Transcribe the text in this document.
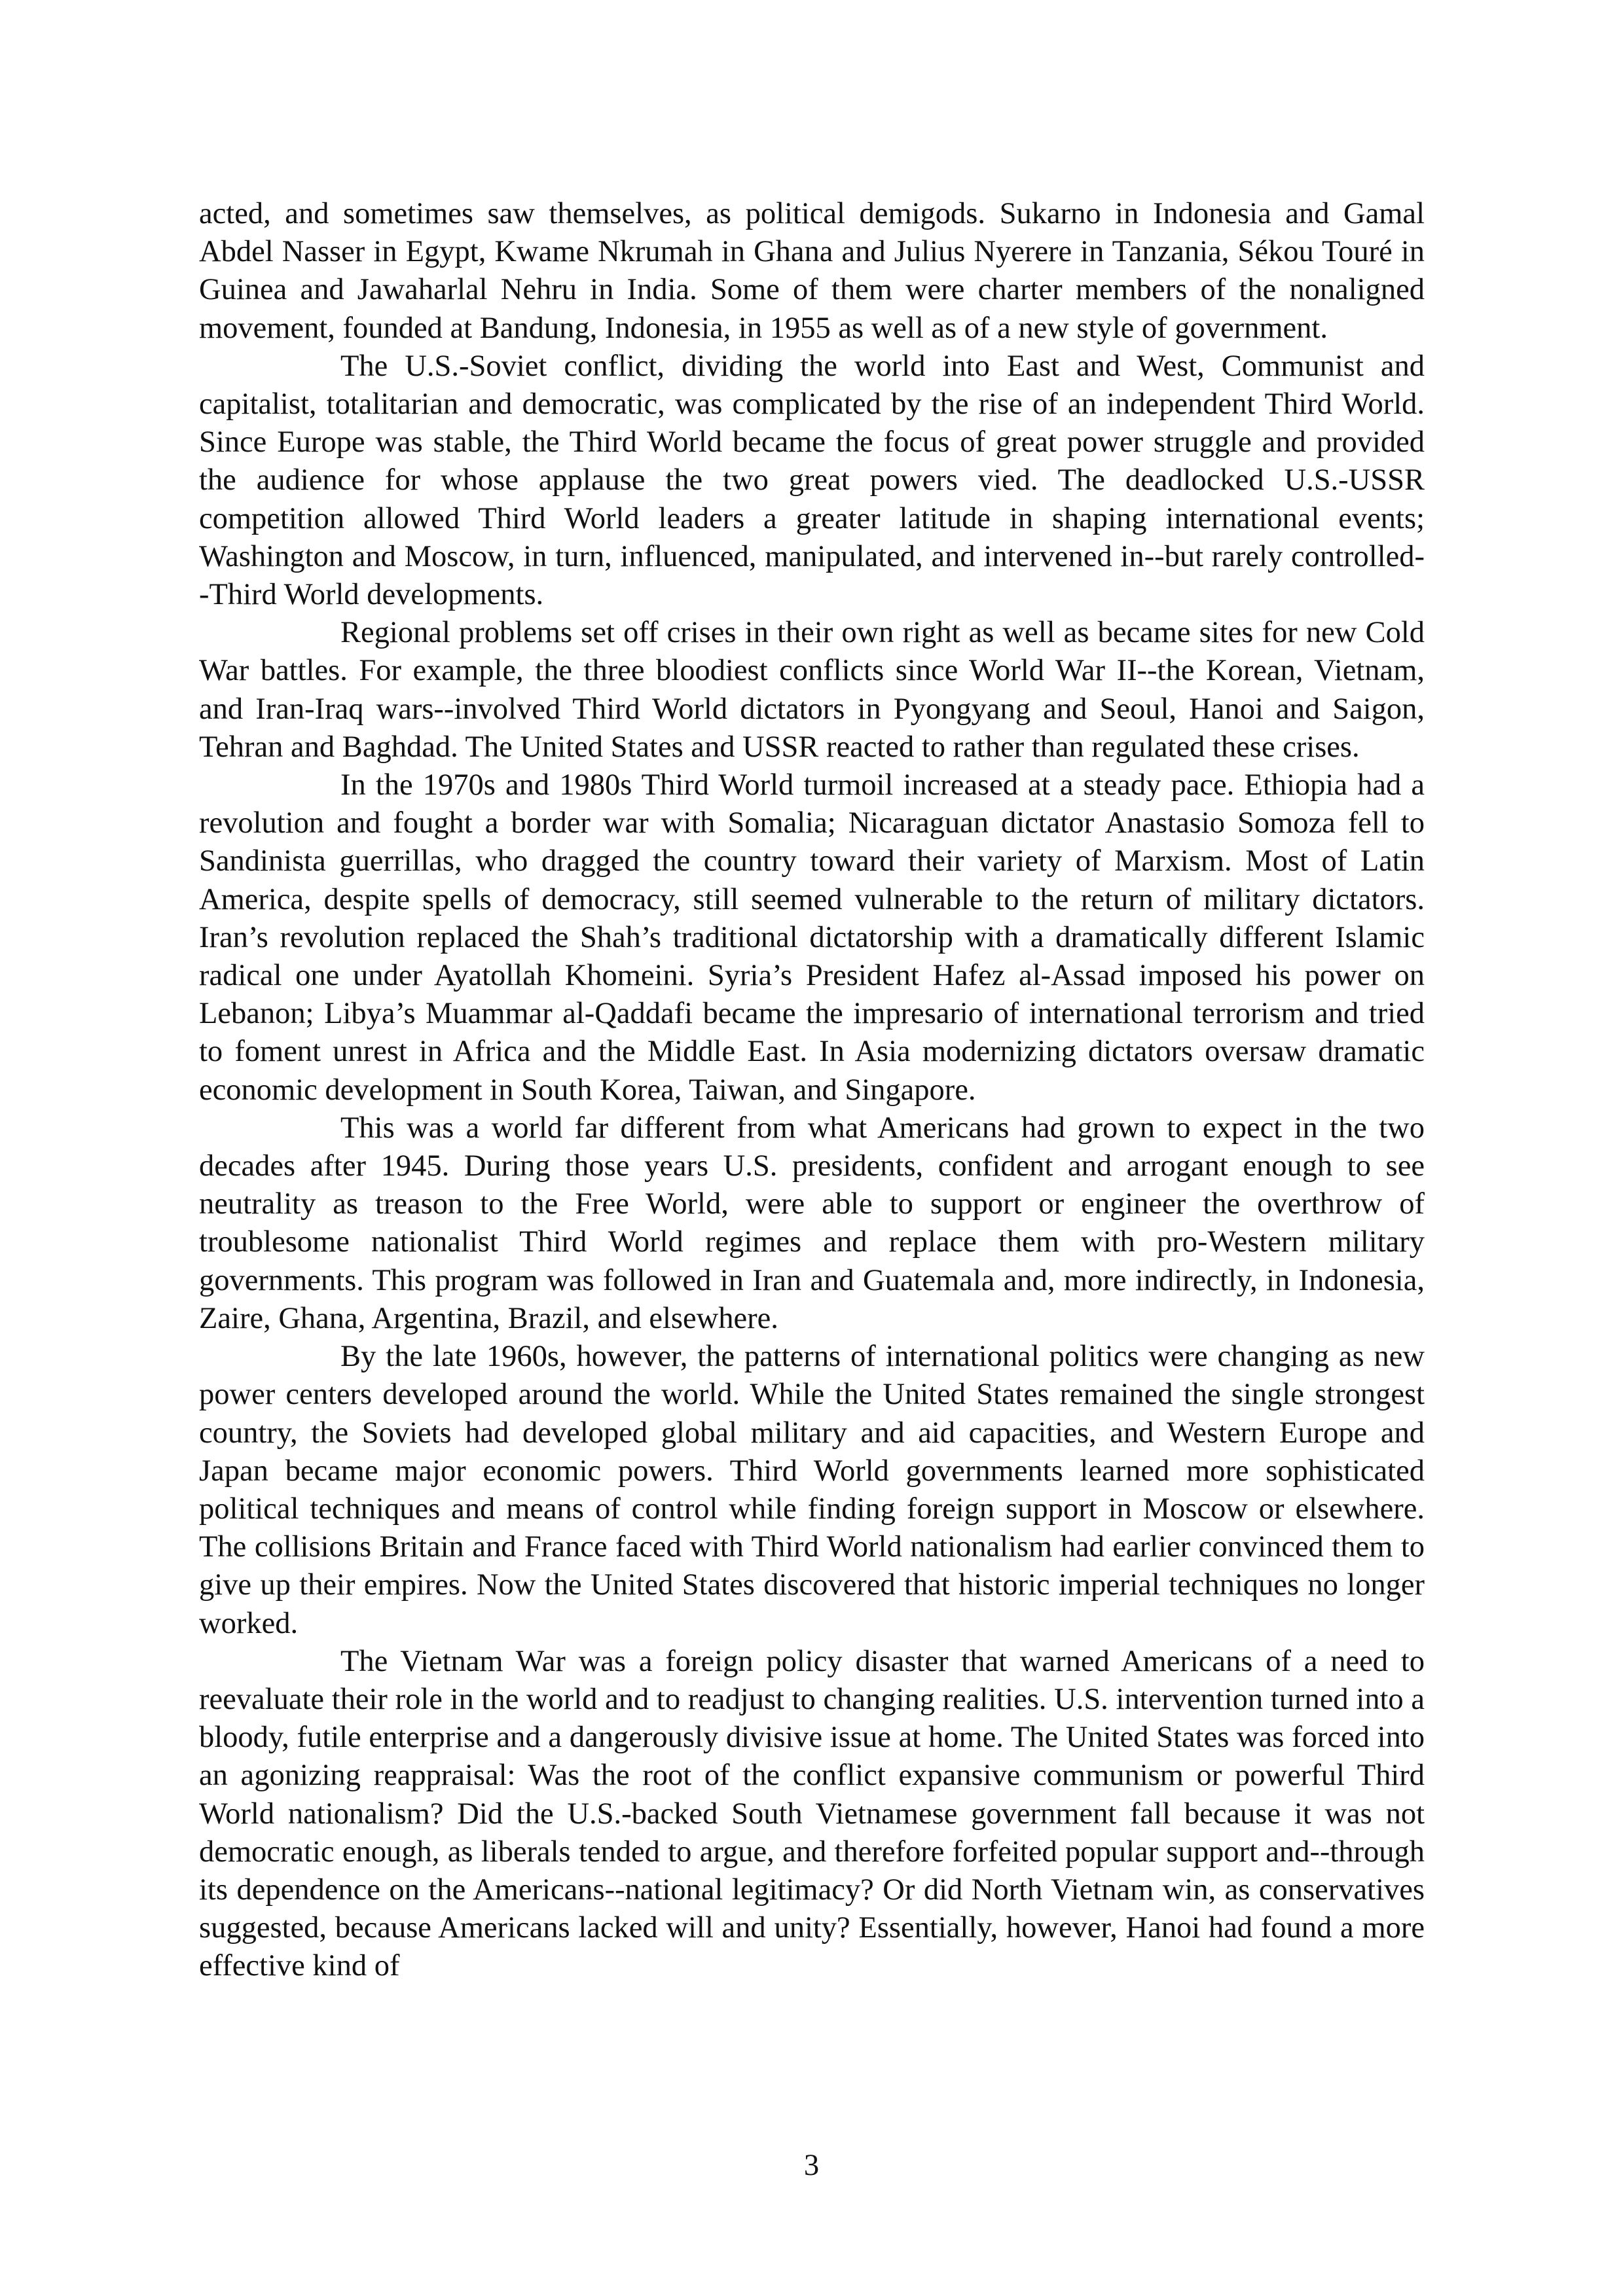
acted, and sometimes saw themselves, as political demigods. Sukarno in Indonesia and Gamal Abdel Nasser in Egypt, Kwame Nkrumah in Ghana and Julius Nyerere in Tanzania, Sékou Touré in Guinea and Jawaharlal Nehru in India. Some of them were charter members of the nonaligned movement, founded at Bandung, Indonesia, in 1955 as well as of a new style of government.

The U.S.-Soviet conflict, dividing the world into East and West, Communist and capitalist, totalitarian and democratic, was complicated by the rise of an independent Third World. Since Europe was stable, the Third World became the focus of great power struggle and provided the audience for whose applause the two great powers vied. The deadlocked U.S.-USSR competition allowed Third World leaders a greater latitude in shaping international events; Washington and Moscow, in turn, influenced, manipulated, and intervened in--but rarely controlled--Third World developments.

Regional problems set off crises in their own right as well as became sites for new Cold War battles. For example, the three bloodiest conflicts since World War II--the Korean, Vietnam, and Iran-Iraq wars--involved Third World dictators in Pyongyang and Seoul, Hanoi and Saigon, Tehran and Baghdad. The United States and USSR reacted to rather than regulated these crises.

In the 1970s and 1980s Third World turmoil increased at a steady pace. Ethiopia had a revolution and fought a border war with Somalia; Nicaraguan dictator Anastasio Somoza fell to Sandinista guerrillas, who dragged the country toward their variety of Marxism. Most of Latin America, despite spells of democracy, still seemed vulnerable to the return of military dictators. Iran’s revolution replaced the Shah’s traditional dictatorship with a dramatically different Islamic radical one under Ayatollah Khomeini. Syria’s President Hafez al-Assad imposed his power on Lebanon; Libya’s Muammar al-Qaddafi became the impresario of international terrorism and tried to foment unrest in Africa and the Middle East. In Asia modernizing dictators oversaw dramatic economic development in South Korea, Taiwan, and Singapore.

This was a world far different from what Americans had grown to expect in the two decades after 1945. During those years U.S. presidents, confident and arrogant enough to see neutrality as treason to the Free World, were able to support or engineer the overthrow of troublesome nationalist Third World regimes and replace them with pro-Western military governments. This program was followed in Iran and Guatemala and, more indirectly, in Indonesia, Zaire, Ghana, Argentina, Brazil, and elsewhere.

By the late 1960s, however, the patterns of international politics were changing as new power centers developed around the world. While the United States remained the single strongest country, the Soviets had developed global military and aid capacities, and Western Europe and Japan became major economic powers. Third World governments learned more sophisticated political techniques and means of control while finding foreign support in Moscow or elsewhere. The collisions Britain and France faced with Third World nationalism had earlier convinced them to give up their empires. Now the United States discovered that historic imperial techniques no longer worked.

The Vietnam War was a foreign policy disaster that warned Americans of a need to reevaluate their role in the world and to readjust to changing realities. U.S. intervention turned into a bloody, futile enterprise and a dangerously divisive issue at home. The United States was forced into an agonizing reappraisal: Was the root of the conflict expansive communism or powerful Third World nationalism? Did the U.S.-backed South Vietnamese government fall because it was not democratic enough, as liberals tended to argue, and therefore forfeited popular support and--through its dependence on the Americans--national legitimacy? Or did North Vietnam win, as conservatives suggested, because Americans lacked will and unity? Essentially, however, Hanoi had found a more effective kind of

3
